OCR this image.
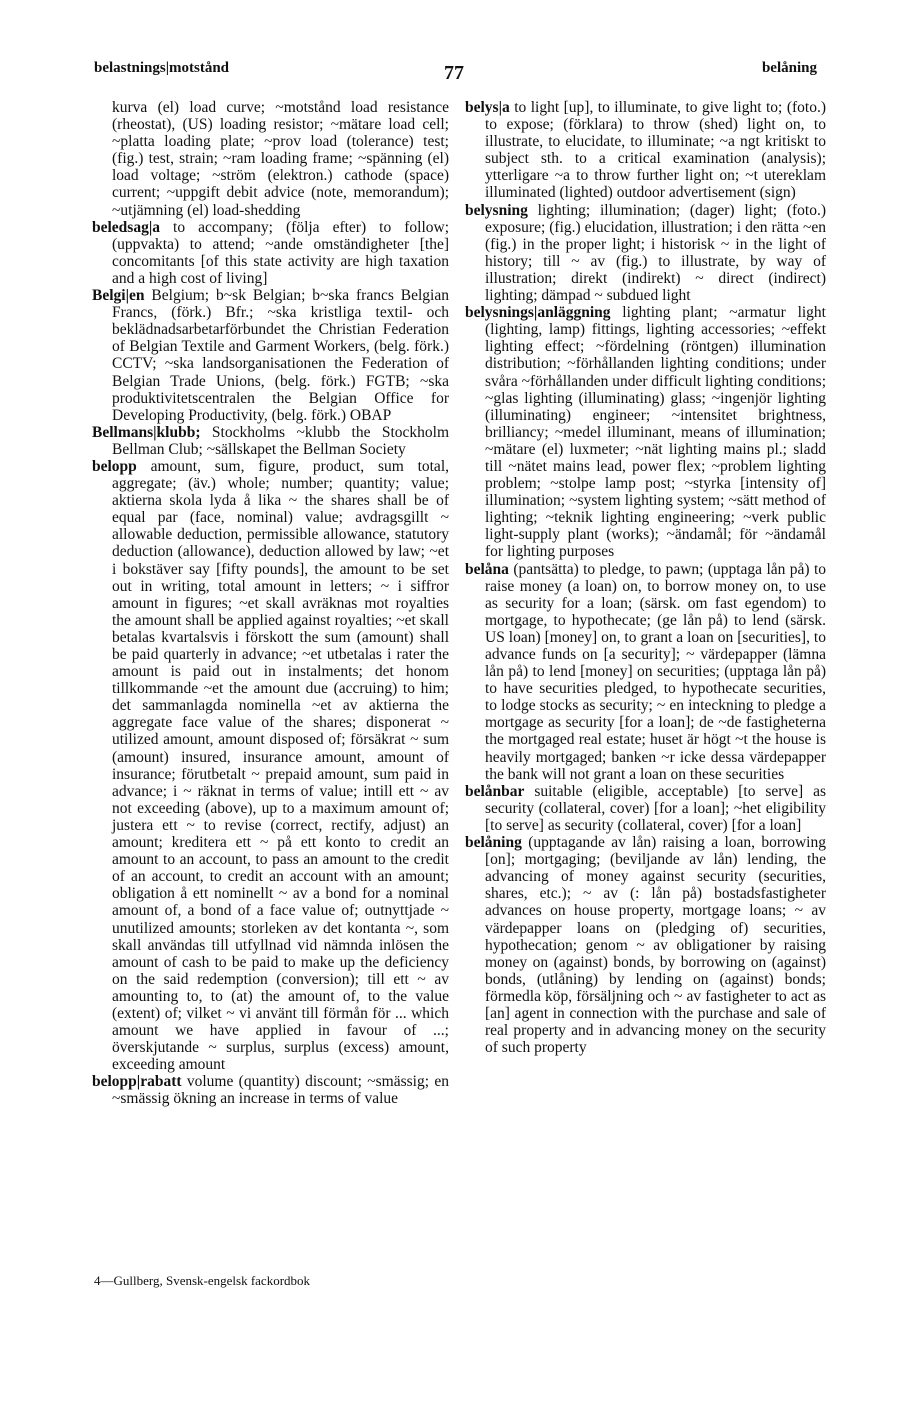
belastnings|motstånd	77	belåning

kurva (el) load curve; ~motstånd load resistance (rheostat), (US) loading resistor; ~mätare load cell; ~platta loading plate; ~prov load (tolerance) test; (fig.) test, strain; ~ram loading frame; ~spänning (el) load voltage; ~ström (elektron.) cathode (space) current; ~uppgift debit advice (note, memorandum); ~utjämning (el) load-shedding

beledsag|a to accompany; (följa efter) to follow; (uppvakta) to attend; ~ande omständigheter [the] concomitants [of this state activity are high taxation and a high cost of living]

Belgi|en Belgium; b~sk Belgian; b~ska francs Belgian Francs, (förk.) Bfr.; ~ska kristliga textil- och beklädnadsarbetarförbundet the Christian Federation of Belgian Textile and Garment Workers, (belg. förk.) CCTV; ~ska landsorganisationen the Federation of Belgian Trade Unions, (belg. förk.) FGTB; ~ska produktivitetscentralen the Belgian Office for Developing Productivity, (belg. förk.) OBAP

Bellmans|klubb; Stockholms ~klubb the Stockholm Bellman Club; ~sällskapet the Bellman Society

belopp amount, sum, figure, product, sum total, aggregate; (äv.) whole; number; quantity; value; aktierna skola lyda å lika ~ the shares shall be of equal par (face, nominal) value; avdragsgillt ~ allowable deduction, permissible allowance, statutory deduction (allowance), deduction allowed by law; ~et i bokstäver say [fifty pounds], the amount to be set out in writing, total amount in letters; ~ i siffror amount in figures; ~et skall avräknas mot royalties the amount shall be applied against royalties; ~et skall betalas kvartalsvis i förskott the sum (amount) shall be paid quarterly in advance; ~et utbetalas i rater the amount is paid out in instalments; det honom tillkommande ~et the amount due (accruing) to him; det sammanlagda nominella ~et av aktierna the aggregate face value of the shares; disponerat ~ utilized amount, amount disposed of; försäkrat ~ sum (amount) insured, insurance amount, amount of insurance; förutbetalt ~ prepaid amount, sum paid in advance; i ~ räknat in terms of value; intill ett ~ av not exceeding (above), up to a maximum amount of; justera ett ~ to revise (correct, rectify, adjust) an amount; kreditera ett ~ på ett konto to credit an amount to an account, to pass an amount to the credit of an account, to credit an account with an amount; obligation å ett nominellt ~ av a bond for a nominal amount of, a bond of a face value of; outnyttjade ~ unutilized amounts; storleken av det kontanta ~, som skall användas till utfyllnad vid nämnda inlösen the amount of cash to be paid to make up the deficiency on the said redemption (conversion); till ett ~ av amounting to, to (at) the amount of, to the value (extent) of; vilket ~ vi använt till förmån för ... which amount we have applied in favour of ...; överskjutande ~ surplus, surplus (excess) amount, exceeding amount

belopp|rabatt volume (quantity) discount; ~smässig; en ~smässig ökning an increase in terms of value

belys|a to light [up], to illuminate, to give light to; (foto.) to expose; (förklara) to throw (shed) light on, to illustrate, to elucidate, to illuminate; ~a ngt kritiskt to subject sth. to a critical examination (analysis); ytterligare ~a to throw further light on; ~t utereklam illuminated (lighted) outdoor advertisement (sign)

belysning lighting; illumination; (dager) light; (foto.) exposure; (fig.) elucidation, illustration; i den rätta ~en (fig.) in the proper light; i historisk ~ in the light of history; till ~ av (fig.) to illustrate, by way of illustration; direkt (indirekt) ~ direct (indirect) lighting; dämpad ~ subdued light

belysnings|anläggning lighting plant; ~armatur light (lighting, lamp) fittings, lighting accessories; ~effekt lighting effect; ~fördelning (röntgen) illumination distribution; ~förhållanden lighting conditions; under svåra ~förhållanden under difficult lighting conditions; ~glas lighting (illuminating) glass; ~ingenjör lighting (illuminating) engineer; ~intensitet brightness, brilliancy; ~medel illuminant, means of illumination; ~mätare (el) luxmeter; ~nät lighting mains pl.; sladd till ~nätet mains lead, power flex; ~problem lighting problem; ~stolpe lamp post; ~styrka [intensity of] illumination; ~system lighting system; ~sätt method of lighting; ~teknik lighting engineering; ~verk public light-supply plant (works); ~ändamål; för ~ändamål for lighting purposes

belåna (pantsätta) to pledge, to pawn; (upptaga lån på) to raise money (a loan) on, to borrow money on, to use as security for a loan; (särsk. om fast egendom) to mortgage, to hypothecate; (ge lån på) to lend (särsk. US loan) [money] on, to grant a loan on [securities], to advance funds on [a security]; ~ värdepapper (lämna lån på) to lend [money] on securities; (upptaga lån på) to have securities pledged, to hypothecate securities, to lodge stocks as security; ~ en inteckning to pledge a mortgage as security [for a loan]; de ~de fastigheterna the mortgaged real estate; huset är högt ~t the house is heavily mortgaged; banken ~r icke dessa värdepapper the bank will not grant a loan on these securities

belånbar suitable (eligible, acceptable) [to serve] as security (collateral, cover) [for a loan]; ~het eligibility [to serve] as security (collateral, cover) [for a loan]

belåning (upptagande av lån) raising a loan, borrowing [on]; mortgaging; (beviljande av lån) lending, the advancing of money against security (securities, shares, etc.); ~ av (: lån på) bostadsfastigheter advances on house property, mortgage loans; ~ av värdepapper loans on (pledging of) securities, hypothecation; genom ~ av obligationer by raising money on (against) bonds, by borrowing on (against) bonds, (utlåning) by lending on (against) bonds; förmedla köp, försäljning och ~ av fastigheter to act as [an] agent in connection with the purchase and sale of real property and in advancing money on the security of such property

4—Gullberg, Svensk-engelsk fackordbok
